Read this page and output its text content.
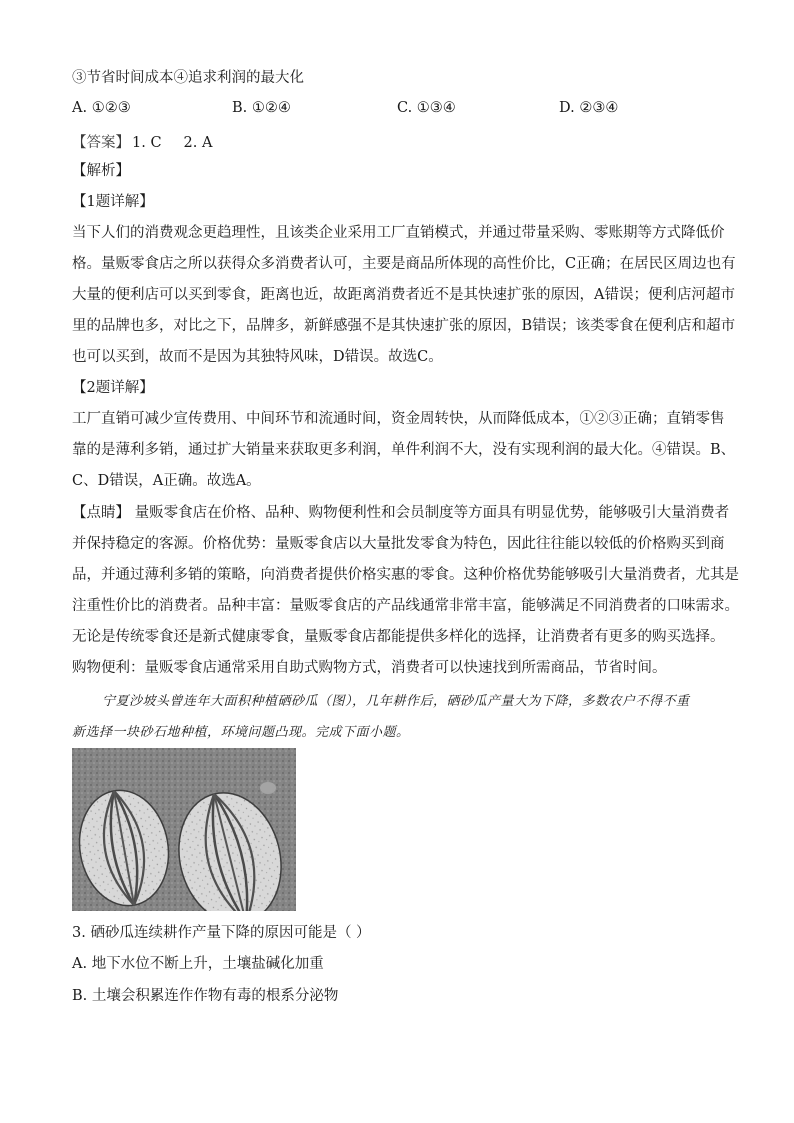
③节省时间成本④追求利润的最大化
A. ①②③	B. ①②④	C. ①③④	D. ②③④
【答案】 1. C 2. A
【解析】
【1题详解】
当下人们的消费观念更趋理性，且该类企业采用工厂直销模式，并通过带量采购、零账期等方式降低价
格。量贩零食店之所以获得众多消费者认可，主要是商品所体现的高性价比，C正确；在居民区周边也有
大量的便利店可以买到零食，距离也近，故距离消费者近不是其快速扩张的原因，A错误；便利店河超市
里的品牌也多，对比之下，品牌多，新鲜感强不是其快速扩张的原因，B错误；该类零食在便利店和超市
也可以买到，故而不是因为其独特风味，D错误。故选C。
【2题详解】
工厂直销可减少宣传费用、中间环节和流通时间，资金周转快，从而降低成本，①②③正确；直销零售
靠的是薄利多销，通过扩大销量来获取更多利润，单件利润不大，没有实现利润的最大化。④错误。B、
C、D错误，A正确。故选A。
【点睛】 量贩零食店在价格、品种、购物便利性和会员制度等方面具有明显优势，能够吸引大量消费者
并保持稳定的客源。价格优势：量贩零食店以大量批发零食为特色，因此往往能以较低的价格购买到商
品，并通过薄利多销的策略，向消费者提供价格实惠的零食。这种价格优势能够吸引大量消费者，尤其是
注重性价比的消费者。品种丰富：量贩零食店的产品线通常非常丰富，能够满足不同消费者的口味需求。
无论是传统零食还是新式健康零食，量贩零食店都能提供多样化的选择，让消费者有更多的购买选择。
购物便利：量贩零食店通常采用自助式购物方式，消费者可以快速找到所需商品，节省时间。
宁夏沙坡头曾连年大面积种植硒砂瓜（图），几年耕作后，硒砂瓜产量大为下降，多数农户不得不重
新选择一块砂石地种植，环境问题凸现。完成下面小题。
3. 硒砂瓜连续耕作产量下降的原因可能是（ ）
A. 地下水位不断上升，土壤盐碱化加重
B. 土壤会积累连作作物有毒的根系分泌物
